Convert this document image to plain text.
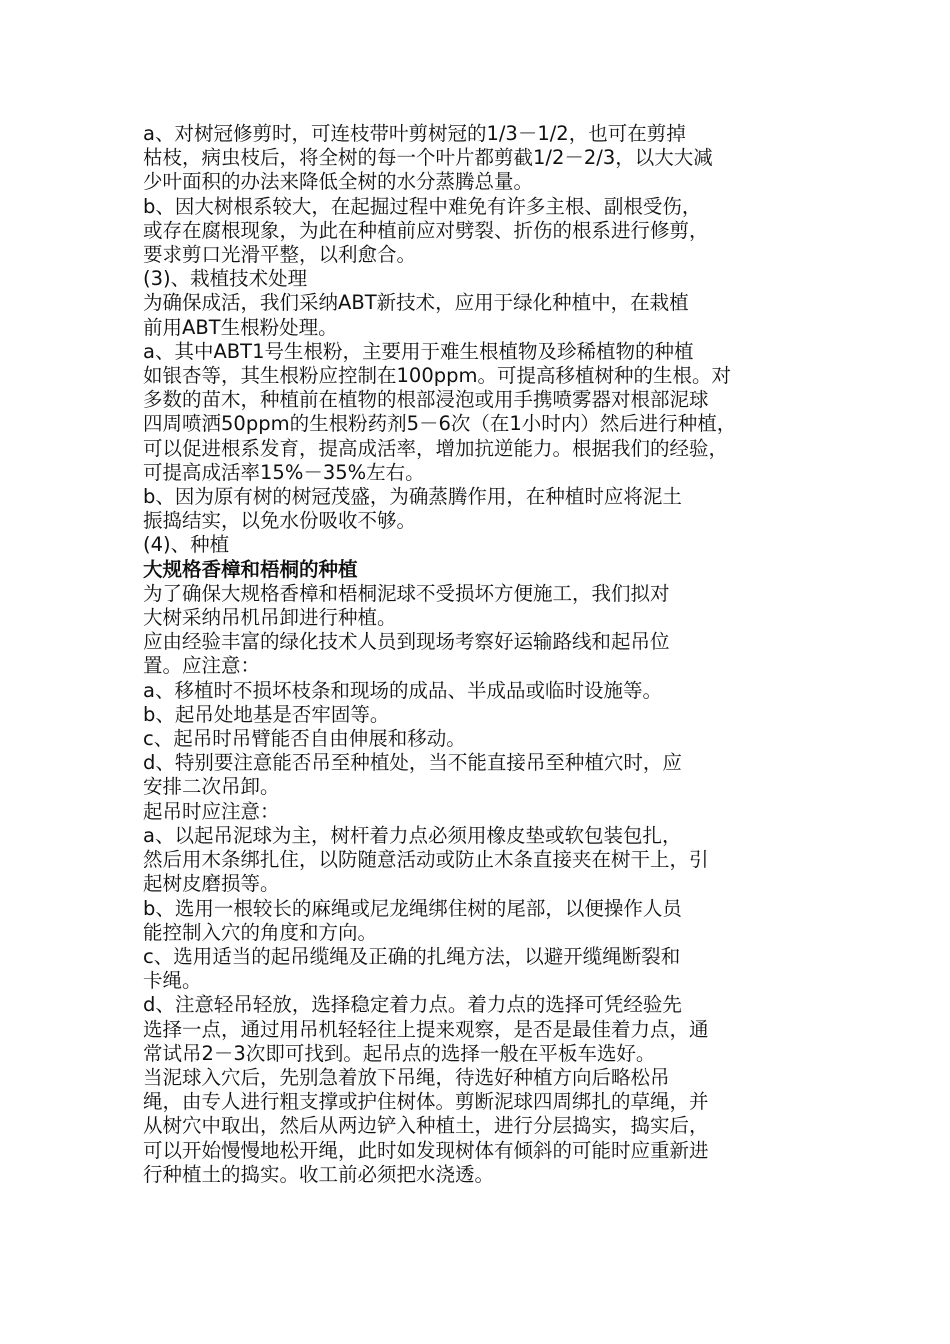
a、对树冠修剪时，可连枝带叶剪树冠的1/3－1/2，也可在剪掉
枯枝，病虫枝后，将全树的每一个叶片都剪截1/2－2/3，以大大减
少叶面积的办法来降低全树的水分蒸腾总量。

b、因大树根系较大，在起掘过程中难免有许多主根、副根受伤，
或存在腐根现象，为此在种植前应对劈裂、折伤的根系进行修剪，
要求剪口光滑平整，以利愈合。

(3)、栽植技术处理

为确保成活，我们采纳ABT新技术，应用于绿化种植中，在栽植
前用ABT生根粉处理。

a、其中ABT1号生根粉，主要用于难生根植物及珍稀植物的种植
如银杏等，其生根粉应控制在100ppm。可提高移植树种的生根。对
多数的苗木，种植前在植物的根部浸泡或用手携喷雾器对根部泥球
四周喷洒50ppm的生根粉药剂5－6次（在1小时内）然后进行种植，
可以促进根系发育，提高成活率，增加抗逆能力。根据我们的经验，
可提高成活率15%－35%左右。

b、因为原有树的树冠茂盛，为确蒸腾作用，在种植时应将泥土
振捣结实，以免水份吸收不够。

(4)、种植

大规格香樟和梧桐的种植

为了确保大规格香樟和梧桐泥球不受损坏方便施工，我们拟对
大树采纳吊机吊卸进行种植。

应由经验丰富的绿化技术人员到现场考察好运输路线和起吊位
置。应注意：

a、移植时不损坏枝条和现场的成品、半成品或临时设施等。

b、起吊处地基是否牢固等。

c、起吊时吊臂能否自由伸展和移动。

d、特别要注意能否吊至种植处，当不能直接吊至种植穴时，应
安排二次吊卸。

起吊时应注意：

a、以起吊泥球为主，树杆着力点必须用橡皮垫或软包装包扎，
然后用木条绑扎住，以防随意活动或防止木条直接夹在树干上，引
起树皮磨损等。

b、选用一根较长的麻绳或尼龙绳绑住树的尾部，以便操作人员
能控制入穴的角度和方向。

c、选用适当的起吊缆绳及正确的扎绳方法，以避开缆绳断裂和
卡绳。

d、注意轻吊轻放，选择稳定着力点。着力点的选择可凭经验先
选择一点，通过用吊机轻轻往上提来观察，是否是最佳着力点，通
常试吊2－3次即可找到。起吊点的选择一般在平板车选好。

当泥球入穴后，先别急着放下吊绳，待选好种植方向后略松吊
绳，由专人进行粗支撑或护住树体。剪断泥球四周绑扎的草绳，并
从树穴中取出，然后从两边铲入种植土，进行分层捣实，捣实后，
可以开始慢慢地松开绳，此时如发现树体有倾斜的可能时应重新进
行种植土的捣实。收工前必须把水浇透。
